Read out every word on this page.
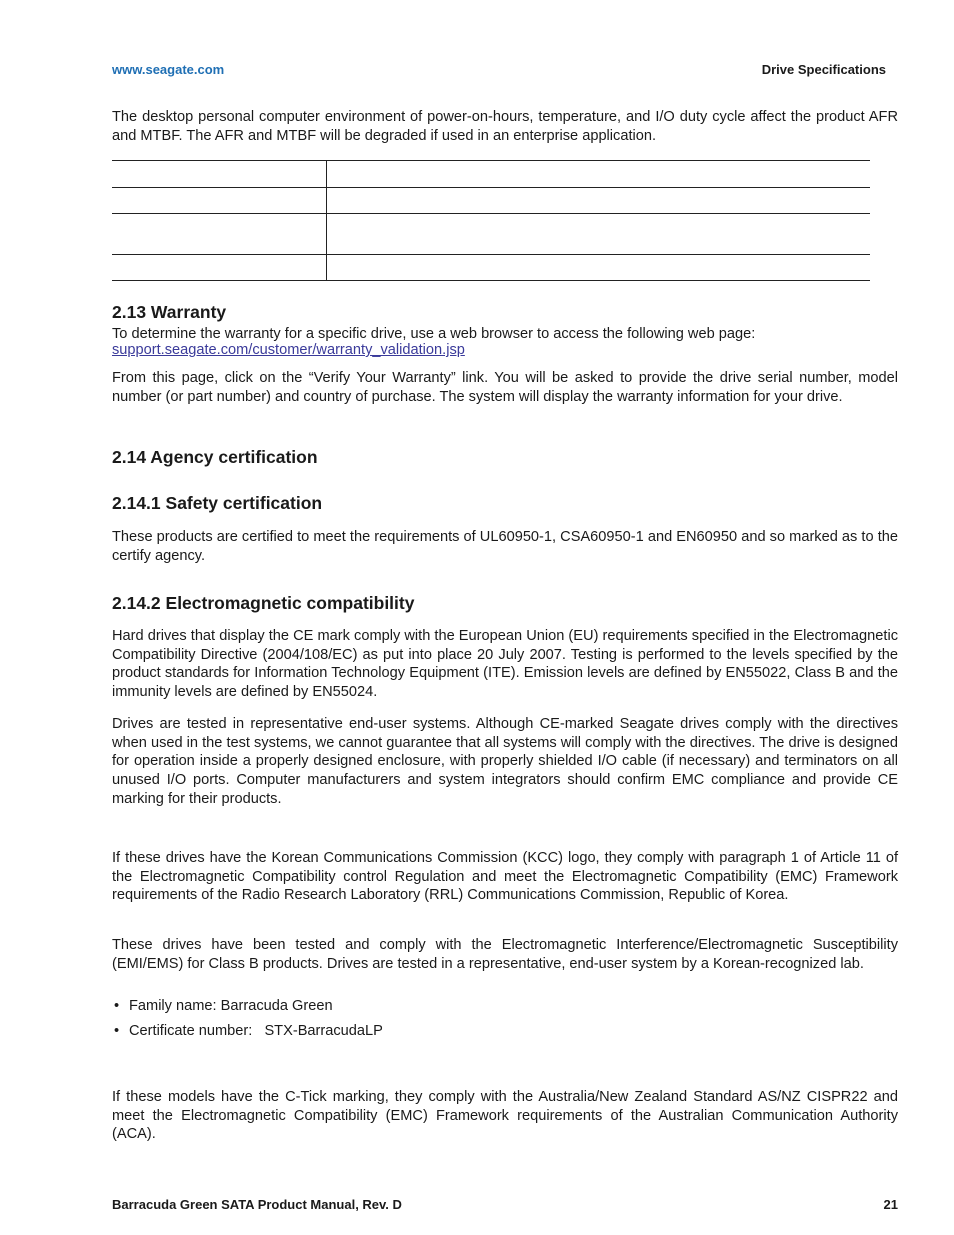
www.seagate.com	Drive Specifications
The desktop personal computer environment of power-on-hours, temperature, and I/O duty cycle affect the product AFR and MTBF. The AFR and MTBF will be degraded if used in an enterprise application.
2.13 Warranty
To determine the warranty for a specific drive, use a web browser to access the following web page:
support.seagate.com/customer/warranty_validation.jsp
From this page, click on the “Verify Your Warranty” link. You will be asked to provide the drive serial number, model number (or part number) and country of purchase. The system will display the warranty information for your drive.
2.14 Agency certification
2.14.1 Safety certification
These products are certified to meet the requirements of UL60950-1, CSA60950-1 and EN60950 and so marked as to the certify agency.
2.14.2 Electromagnetic compatibility
Hard drives that display the CE mark comply with the European Union (EU) requirements specified in the Electromagnetic Compatibility Directive (2004/108/EC) as put into place 20 July 2007. Testing is performed to the levels specified by the product standards for Information Technology Equipment (ITE). Emission levels are defined by EN55022, Class B and the immunity levels are defined by EN55024.
Drives are tested in representative end-user systems. Although CE-marked Seagate drives comply with the directives when used in the test systems, we cannot guarantee that all systems will comply with the directives. The drive is designed for operation inside a properly designed enclosure, with properly shielded I/O cable (if necessary) and terminators on all unused I/O ports. Computer manufacturers and system integrators should confirm EMC compliance and provide CE marking for their products.
If these drives have the Korean Communications Commission (KCC) logo, they comply with paragraph 1 of Article 11 of the Electromagnetic Compatibility control Regulation and meet the Electromagnetic Compatibility (EMC) Framework requirements of the Radio Research Laboratory (RRL) Communications Commission, Republic of Korea.
These drives have been tested and comply with the Electromagnetic Interference/Electromagnetic Susceptibility (EMI/EMS) for Class B products. Drives are tested in a representative, end-user system by a Korean-recognized lab.
• Family name: Barracuda Green
• Certificate number:   STX-BarracudaLP
If these models have the C-Tick marking, they comply with the Australia/New Zealand Standard AS/NZ CISPR22 and meet the Electromagnetic Compatibility (EMC) Framework requirements of the Australian Communication Authority (ACA).
Barracuda Green SATA Product Manual, Rev. D	21
